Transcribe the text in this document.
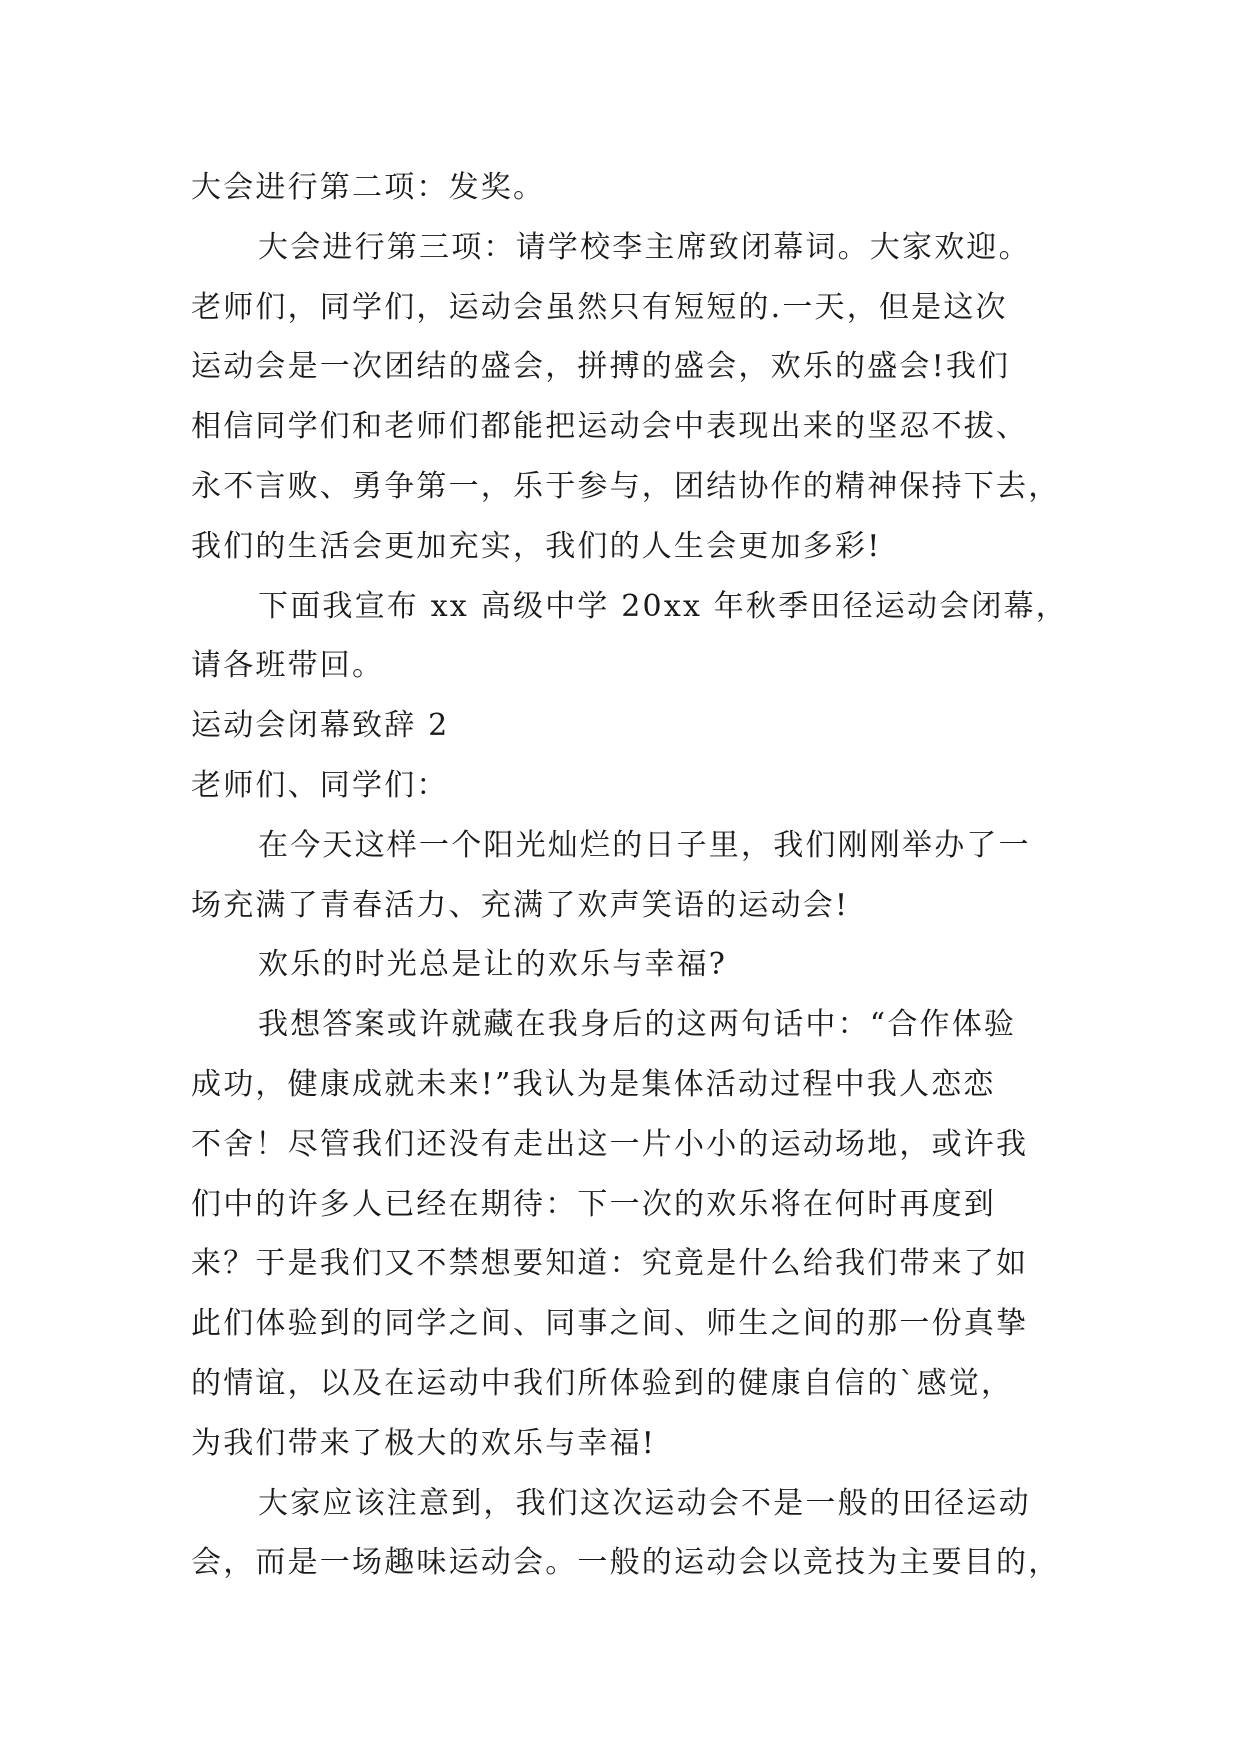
大会进行第二项：发奖。
大会进行第三项：请学校李主席致闭幕词。大家欢迎。
老师们，同学们，运动会虽然只有短短的.一天，但是这次
运动会是一次团结的盛会，拼搏的盛会，欢乐的盛会!我们
相信同学们和老师们都能把运动会中表现出来的坚忍不拔、
永不言败、勇争第一，乐于参与，团结协作的精神保持下去，
我们的生活会更加充实，我们的人生会更加多彩!
下面我宣布 xx 高级中学 20xx 年秋季田径运动会闭幕，
请各班带回。
运动会闭幕致辞 2
老师们、同学们：
在今天这样一个阳光灿烂的日子里，我们刚刚举办了一
场充满了青春活力、充满了欢声笑语的运动会!
欢乐的时光总是让的欢乐与幸福?
我想答案或许就藏在我身后的这两句话中：“合作体验
成功，健康成就未来!”我认为是集体活动过程中我人恋恋
不舍！尽管我们还没有走出这一片小小的运动场地，或许我
们中的许多人已经在期待：下一次的欢乐将在何时再度到
来？于是我们又不禁想要知道：究竟是什么给我们带来了如
此们体验到的同学之间、同事之间、师生之间的那一份真挚
的情谊，以及在运动中我们所体验到的健康自信的`感觉，
为我们带来了极大的欢乐与幸福!
大家应该注意到，我们这次运动会不是一般的田径运动
会，而是一场趣味运动会。一般的运动会以竞技为主要目的，
